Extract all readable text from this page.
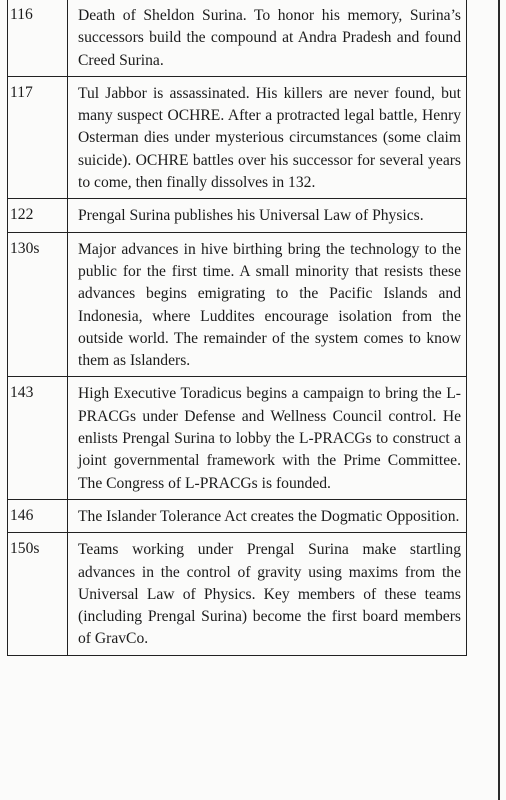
116	Death of Sheldon Surina. To honor his memory, Surina’s successors build the compound at Andra Pradesh and found Creed Surina.
117	Tul Jabbor is assassinated. His killers are never found, but many suspect OCHRE. After a protracted legal battle, Henry Osterman dies under mysterious circumstances (some claim suicide). OCHRE battles over his successor for several years to come, then finally dissolves in 132.
122	Prengal Surina publishes his Universal Law of Physics.
130s	Major advances in hive birthing bring the technology to the public for the first time. A small minority that resists these advances begins emigrating to the Pacific Islands and Indonesia, where Luddites encourage isolation from the outside world. The remainder of the system comes to know them as Islanders.
143	High Executive Toradicus begins a campaign to bring the L-PRACGs under Defense and Wellness Council control. He enlists Prengal Surina to lobby the L-PRACGs to construct a joint governmental framework with the Prime Committee. The Congress of L-PRACGs is founded.
146	The Islander Tolerance Act creates the Dogmatic Opposition.
150s	Teams working under Prengal Surina make startling advances in the control of gravity using maxims from the Universal Law of Physics. Key members of these teams (including Prengal Surina) become the first board members of GravCo.
